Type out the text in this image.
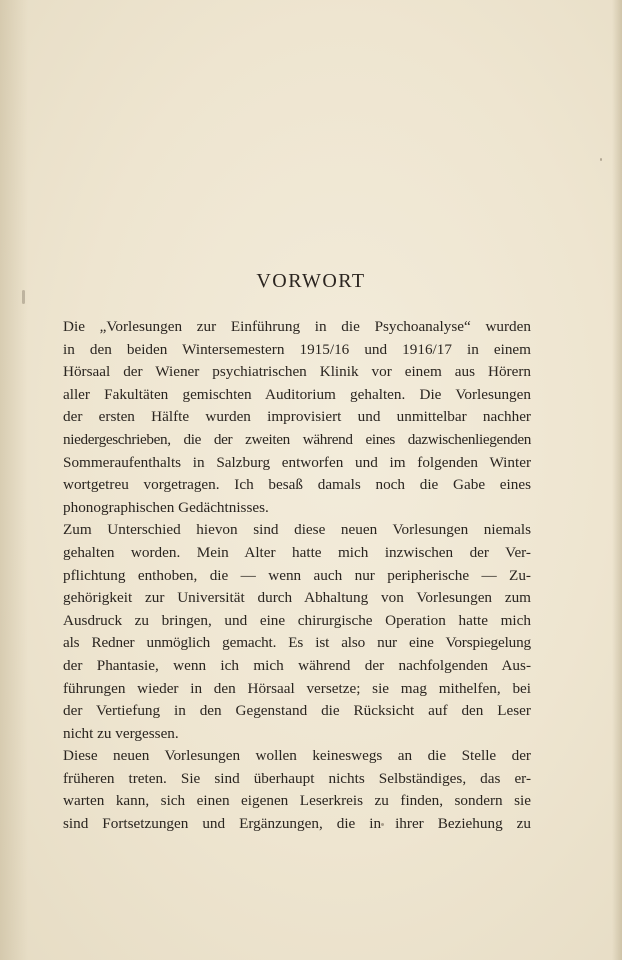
VORWORT
Die „Vorlesungen zur Einführung in die Psychoanalyse“ wurden
in den beiden Wintersemestern 1915/16 und 1916/17 in einem
Hörsaal der Wiener psychiatrischen Klinik vor einem aus Hörern
aller Fakultäten gemischten Auditorium gehalten. Die Vorlesungen
der ersten Hälfte wurden improvisiert und unmittelbar nachher
niedergeschrieben, die der zweiten während eines dazwischenliegenden
Sommeraufenthalts in Salzburg entworfen und im folgenden Winter
wortgetreu vorgetragen. Ich besaß damals noch die Gabe eines
phonographischen Gedächtnisses.
Zum Unterschied hievon sind diese neuen Vorlesungen niemals
gehalten worden. Mein Alter hatte mich inzwischen der Ver-
pflichtung enthoben, die — wenn auch nur peripherische — Zu-
gehörigkeit zur Universität durch Abhaltung von Vorlesungen zum
Ausdruck zu bringen, und eine chirurgische Operation hatte mich
als Redner unmöglich gemacht. Es ist also nur eine Vorspiegelung
der Phantasie, wenn ich mich während der nachfolgenden Aus-
führungen wieder in den Hörsaal versetze; sie mag mithelfen, bei
der Vertiefung in den Gegenstand die Rücksicht auf den Leser
nicht zu vergessen.
Diese neuen Vorlesungen wollen keineswegs an die Stelle der
früheren treten. Sie sind überhaupt nichts Selbständiges, das er-
warten kann, sich einen eigenen Leserkreis zu finden, sondern sie
sind Fortsetzungen und Ergänzungen, die in ihrer Beziehung zu
